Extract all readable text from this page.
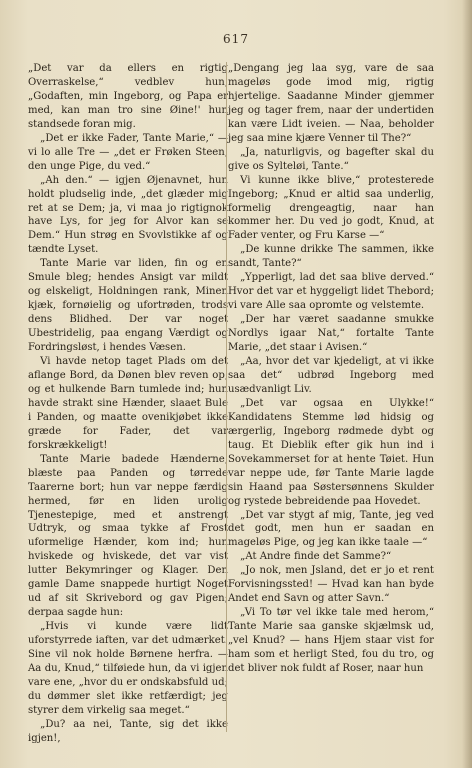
617

„Det var da ellers en rigtig Overraskelse,“ vedblev hun, „Godaften, min Ingeborg, og Papa er med, kan man tro sine Øine!' hun standsede foran mig.

„Det er ikke Fader, Tante Marie,“ — vi lo alle Tre — „det er Frøken Steen, den unge Pige, du ved.“

„Ah den.“ — igjen Øjenavnet, hun holdt pludselig inde, „det glæder mig ret at se Dem; ja, vi maa jo rigtignok have Lys, for jeg for Alvor kan se Dem.“ Hun strøg en Svovlstikke af og tændte Lyset.

Tante Marie var liden, fin og en Smule bleg; hendes Ansigt var mildt og elskeligt, Holdningen rank, Minen kjæk, fornøielig og ufortrøden, trods dens Blidhed. Der var noget Ubestridelig, paa engang Værdigt og Fordringsløst, i hendes Væsen.

Vi havde netop taget Plads om det aflange Bord, da Dønen blev reven op, og et hulkende Barn tumlede ind; hun havde strakt sine Hænder, slaaet Bule i Panden, og maatte ovenikjøbet ikke græde for Fader, det var forskrækkeligt!

Tante Marie badede Hænderne, blæste paa Panden og tørrede Taarerne bort; hun var neppe færdig hermed, før en liden urolig Tjenestepige, med et anstrengt Udtryk, og smaa tykke af Frost uformelige Hænder, kom ind; hun hviskede og hviskede, det var vist lutter Bekymringer og Klager. Den gamle Dame snappede hurtigt Noget ud af sit Skrivebord og gav Pigen; derpaa sagde hun:

„Hvis vi kunde være lidt uforstyrrede iaften, var det udmærket. Sine vil nok holde Børnene herfra. — Aa du, Knud,“ tilføiede hun, da vi igjen vare ene, „hvor du er ondskabsfuld ud; du dømmer slet ikke retfærdigt; jeg styrer dem virkelig saa meget.“

„Du? aa nei, Tante, sig det ikke igjen!,

„Dengang jeg laa syg, vare de saa mageløs gode imod mig, rigtig hjertelige. Saadanne Minder gjemmer jeg og tager frem, naar der undertiden kan være Lidt iveien. — Naa, beholder jeg saa mine kjære Venner til The?“

„Ja, naturligvis, og bagefter skal du give os Sylteløi, Tante.“

Vi kunne ikke blive,“ protesterede Ingeborg; „Knud er altid saa underlig, formelig drengeagtig, naar han kommer her. Du ved jo godt, Knud, at Fader venter, og Fru Karse —“

„De kunne drikke The sammen, ikke sandt, Tante?“

„Ypperligt, lad det saa blive derved.“ Hvor det var et hyggeligt lidet Thebord; vi vare Alle saa opromte og velstemte.

„Der har været saadanne smukke Nordlys igaar Nat,“ fortalte Tante Marie, „det staar i Avisen.“

„Aa, hvor det var kjedeligt, at vi ikke saa det“ udbrød Ingeborg med usædvanligt Liv.

„Det var ogsaa en Ulykke!“ Kandidatens Stemme lød hidsig og ærgerlig, Ingeborg rødmede dybt og taug. Et Dieblik efter gik hun ind i Sovekammerset for at hente Tøiet. Hun var neppe ude, før Tante Marie lagde sin Haand paa Søstersønnens Skulder og rystede bebreidende paa Hovedet.

„Det var stygt af mig, Tante, jeg ved det godt, men hun er saadan en mageløs Pige, og jeg kan ikke taale —“

„At Andre finde det Samme?“

„Jo nok, men Jsland, det er jo et rent Forvisningssted! — Hvad kan han byde Andet end Savn og atter Savn.“

„Vi To tør vel ikke tale med herom,“ Tante Marie saa ganske skjælmsk ud, „vel Knud? — hans Hjem staar vist for ham som et herligt Sted, fou du tro, og det bliver nok fuldt af Roser, naar hun
